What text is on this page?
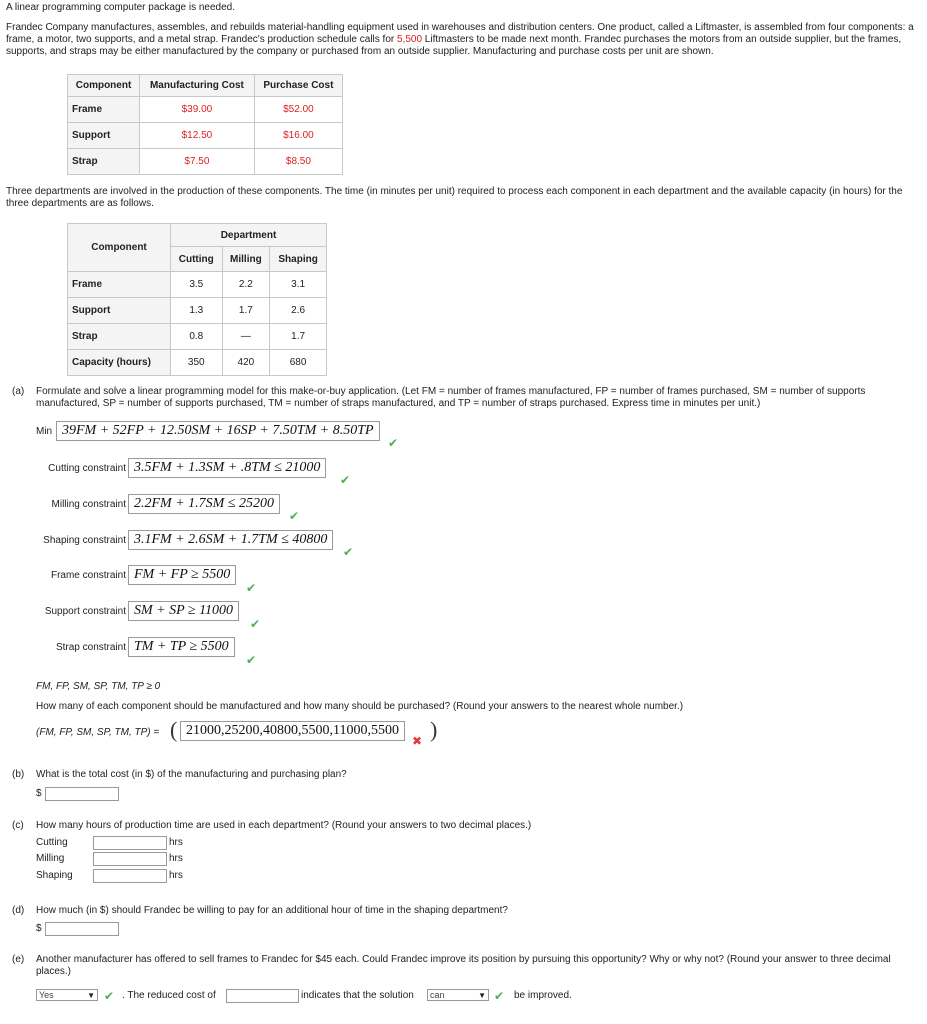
A linear programming computer package is needed.
Frandec Company manufactures, assembles, and rebuilds material-handling equipment used in warehouses and distribution centers. One product, called a Liftmaster, is assembled from four components: a frame, a motor, two supports, and a metal strap. Frandec's production schedule calls for 5,500 Liftmasters to be made next month. Frandec purchases the motors from an outside supplier, but the frames, supports, and straps may be either manufactured by the company or purchased from an outside supplier. Manufacturing and purchase costs per unit are shown.
Component	Manufacturing Cost	Purchase Cost
Frame	$39.00	$52.00
Support	$12.50	$16.00
Strap	$7.50	$8.50
Three departments are involved in the production of these components. The time (in minutes per unit) required to process each component in each department and the available capacity (in hours) for the three departments are as follows.
Component	Department		
	Cutting	Milling	Shaping
Frame	3.5	2.2	3.1
Support	1.3	1.7	2.6
Strap	0.8	—	1.7
Capacity (hours)	350	420	680
(a) Formulate and solve a linear programming model for this make-or-buy application. (Let FM = number of frames manufactured, FP = number of frames purchased, SM = number of supports manufactured, SP = number of supports purchased, TM = number of straps manufactured, and TP = number of straps purchased. Express time in minutes per unit.)
Min 39FM + 52FP + 12.50SM + 16SP + 7.50TM + 8.50TP
✔
Cutting constraint 3.5FM + 1.3SM + .8TM ≤ 21000
✔
Milling constraint 2.2FM + 1.7SM ≤ 25200
✔
Shaping constraint 3.1FM + 2.6SM + 1.7TM ≤ 40800
✔
Frame constraint FM + FP ≥ 5500
✔
Support constraint SM + SP ≥ 11000
✔
Strap constraint TM + TP ≥ 5500
✔
FM, FP, SM, SP, TM, TP ≥ 0
How many of each component should be manufactured and how many should be purchased? (Round your answers to the nearest whole number.)
(FM, FP, SM, SP, TM, TP) = ( 21000,25200,40800,5500,11000,5500
✖ )
(b) What is the total cost (in $) of the manufacturing and purchasing plan?
$
(c) How many hours of production time are used in each department? (Round your answers to two decimal places.)
Cutting	hrs
Milling	hrs
Shaping	hrs
(d) How much (in $) should Frandec be willing to pay for an additional hour of time in the shaping department?
$
(e) Another manufacturer has offered to sell frames to Frandec for $45 each. Could Frandec improve its position by pursuing this opportunity? Why or why not? (Round your answer to three decimal places.)
Yes	▼ ✔ . The reduced cost of	indicates that the solution	can	▼ ✔ be improved.
